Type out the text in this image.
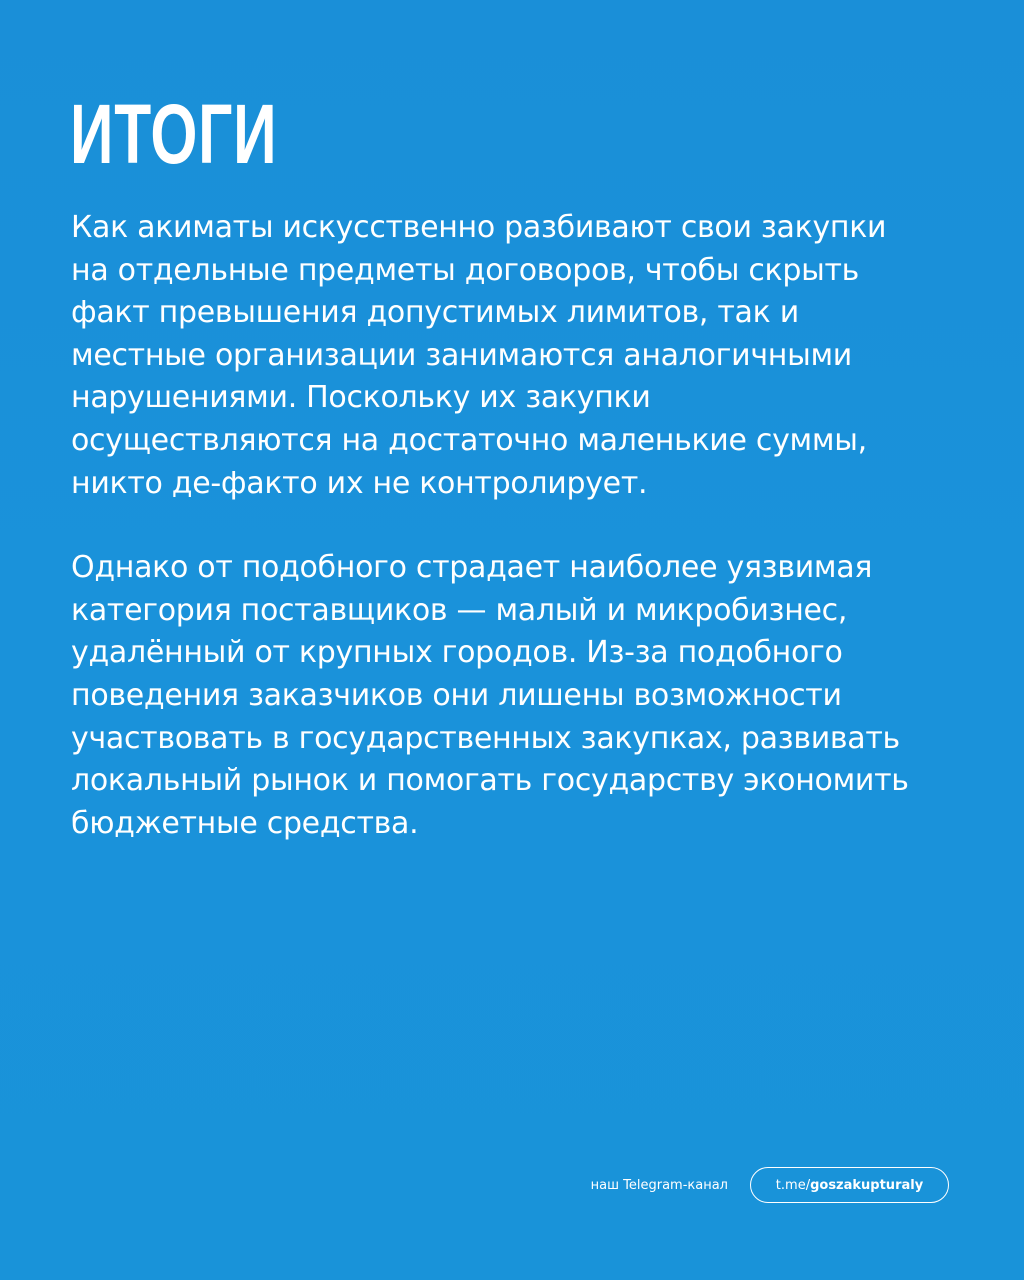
ИТОГИ

Как акиматы искусственно разбивают свои закупки
на отдельные предметы договоров, чтобы скрыть
факт превышения допустимых лимитов, так и
местные организации занимаются аналогичными
нарушениями. Поскольку их закупки
осуществляются на достаточно маленькие суммы,
никто де-факто их не контролирует.

Однако от подобного страдает наиболее уязвимая
категория поставщиков — малый и микробизнес,
удалённый от крупных городов. Из-за подобного
поведения заказчиков они лишены возможности
участвовать в государственных закупках, развивать
локальный рынок и помогать государству экономить
бюджетные средства.

наш Telegram-канал	t.me/ goszakupturaly
